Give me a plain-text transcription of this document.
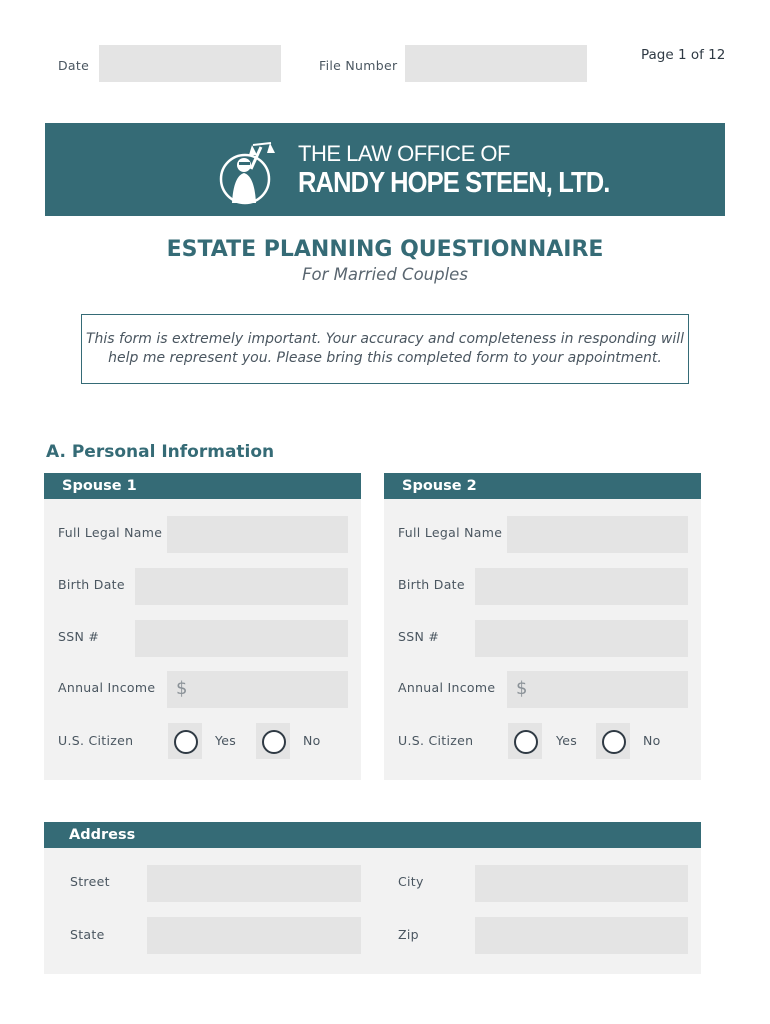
Date	File Number
Page 1 of 12
THE LAW OFFICE OF
RANDY HOPE STEEN, LTD.
ESTATE PLANNING QUESTIONNAIRE
For Married Couples
This form is extremely important. Your accuracy and completeness in responding will
help me represent you. Please bring this completed form to your appointment.
A. Personal Information
Spouse 1
Full Legal Name
Birth Date
SSN #
Annual Income $
U.S. Citizen	Yes	No
Spouse 2
Full Legal Name
Birth Date
SSN #
Annual Income $
U.S. Citizen	Yes	No
Address
Street	City
State	Zip
